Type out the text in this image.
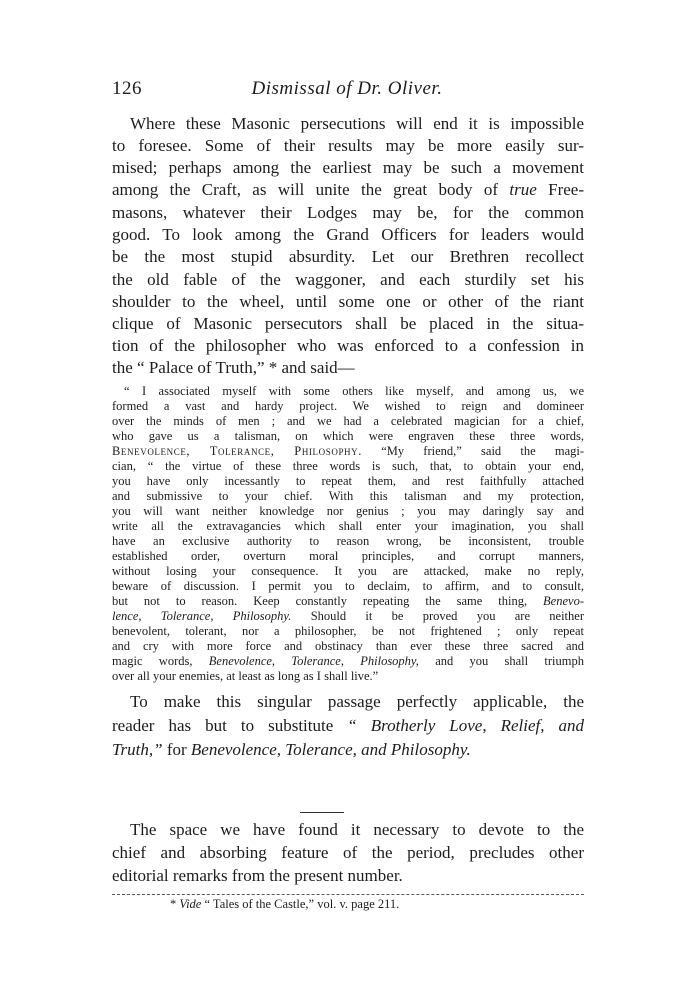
126	Dismissal of Dr. Oliver.
Where these Masonic persecutions will end it is impossible
to foresee. Some of their results may be more easily sur-
mised; perhaps among the earliest may be such a movement
among the Craft, as will unite the great body of true Free-
masons, whatever their Lodges may be, for the common
good. To look among the Grand Officers for leaders would
be the most stupid absurdity. Let our Brethren recollect
the old fable of the waggoner, and each sturdily set his
shoulder to the wheel, until some one or other of the riant
clique of Masonic persecutors shall be placed in the situa-
tion of the philosopher who was enforced to a confession in
the “ Palace of Truth,” * and said—
“ I associated myself with some others like myself, and among us, we
formed a vast and hardy project. We wished to reign and domineer
over the minds of men ; and we had a celebrated magician for a chief,
who gave us a talisman, on which were engraven these three words,
Benevolence, Tolerance, Philosophy. “My friend,” said the magi-
cian, “ the virtue of these three words is such, that, to obtain your end,
you have only incessantly to repeat them, and rest faithfully attached
and submissive to your chief. With this talisman and my protection,
you will want neither knowledge nor genius ; you may daringly say and
write all the extravagancies which shall enter your imagination, you shall
have an exclusive authority to reason wrong, be inconsistent, trouble
established order, overturn moral principles, and corrupt manners,
without losing your consequence. It you are attacked, make no reply,
beware of discussion. I permit you to declaim, to affirm, and to consult,
but not to reason. Keep constantly repeating the same thing, Benevo-
lence, Tolerance, Philosophy. Should it be proved you are neither
benevolent, tolerant, nor a philosopher, be not frightened ; only repeat
and cry with more force and obstinacy than ever these three sacred and
magic words, Benevolence, Tolerance, Philosophy, and you shall triumph
over all your enemies, at least as long as I shall live.”
To make this singular passage perfectly applicable, the
reader has but to substitute “ Brotherly Love, Relief, and
Truth,” for Benevolence, Tolerance, and Philosophy.
The space we have found it necessary to devote to the
chief and absorbing feature of the period, precludes other
editorial remarks from the present number.
* Vide “ Tales of the Castle,” vol. v. page 211.
